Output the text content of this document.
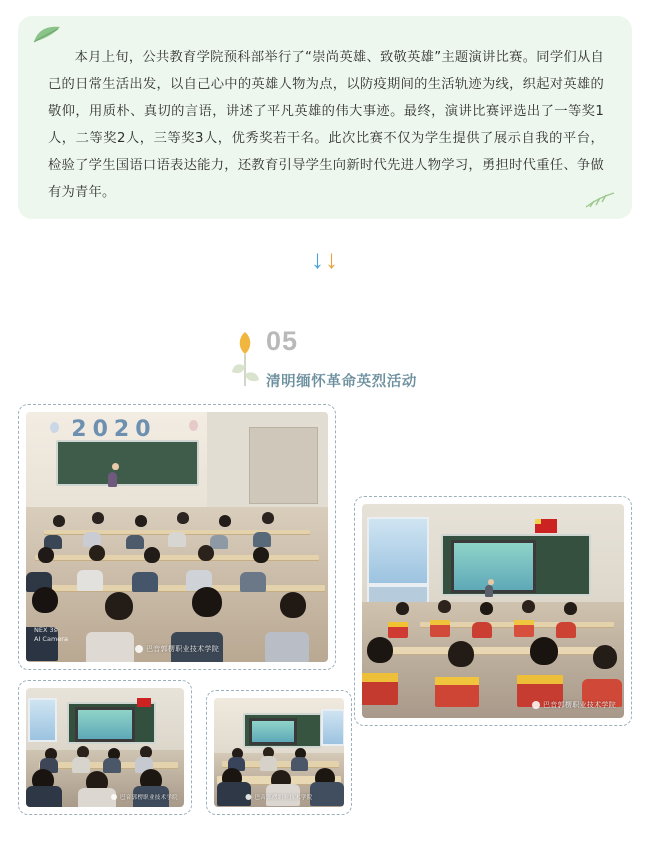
本月上旬，公共教育学院预科部举行了“崇尚英雄、致敬英雄”主题演讲比赛。同学们从自己的日常生活出发，以自己心中的英雄人物为点，以防疫期间的生活轨迹为线，织起对英雄的敬仰，用质朴、真切的言语，讲述了平凡英雄的伟大事迹。最终，演讲比赛评选出了一等奖1人，二等奖2人，三等奖3人，优秀奖若干名。此次比赛不仅为学生提供了展示自我的平台，检验了学生国语口语表达能力，还教育引导学生向新时代先进人物学习，勇担时代重任、争做有为青年。
↓↓
05
清明缅怀革命英烈活动
2020
NEX 3s
AI Camera
巴音郭楞职业技术学院
巴音郭楞职业技术学院
巴音郭楞职业技术学院	巴音郭楞职业技术学院
